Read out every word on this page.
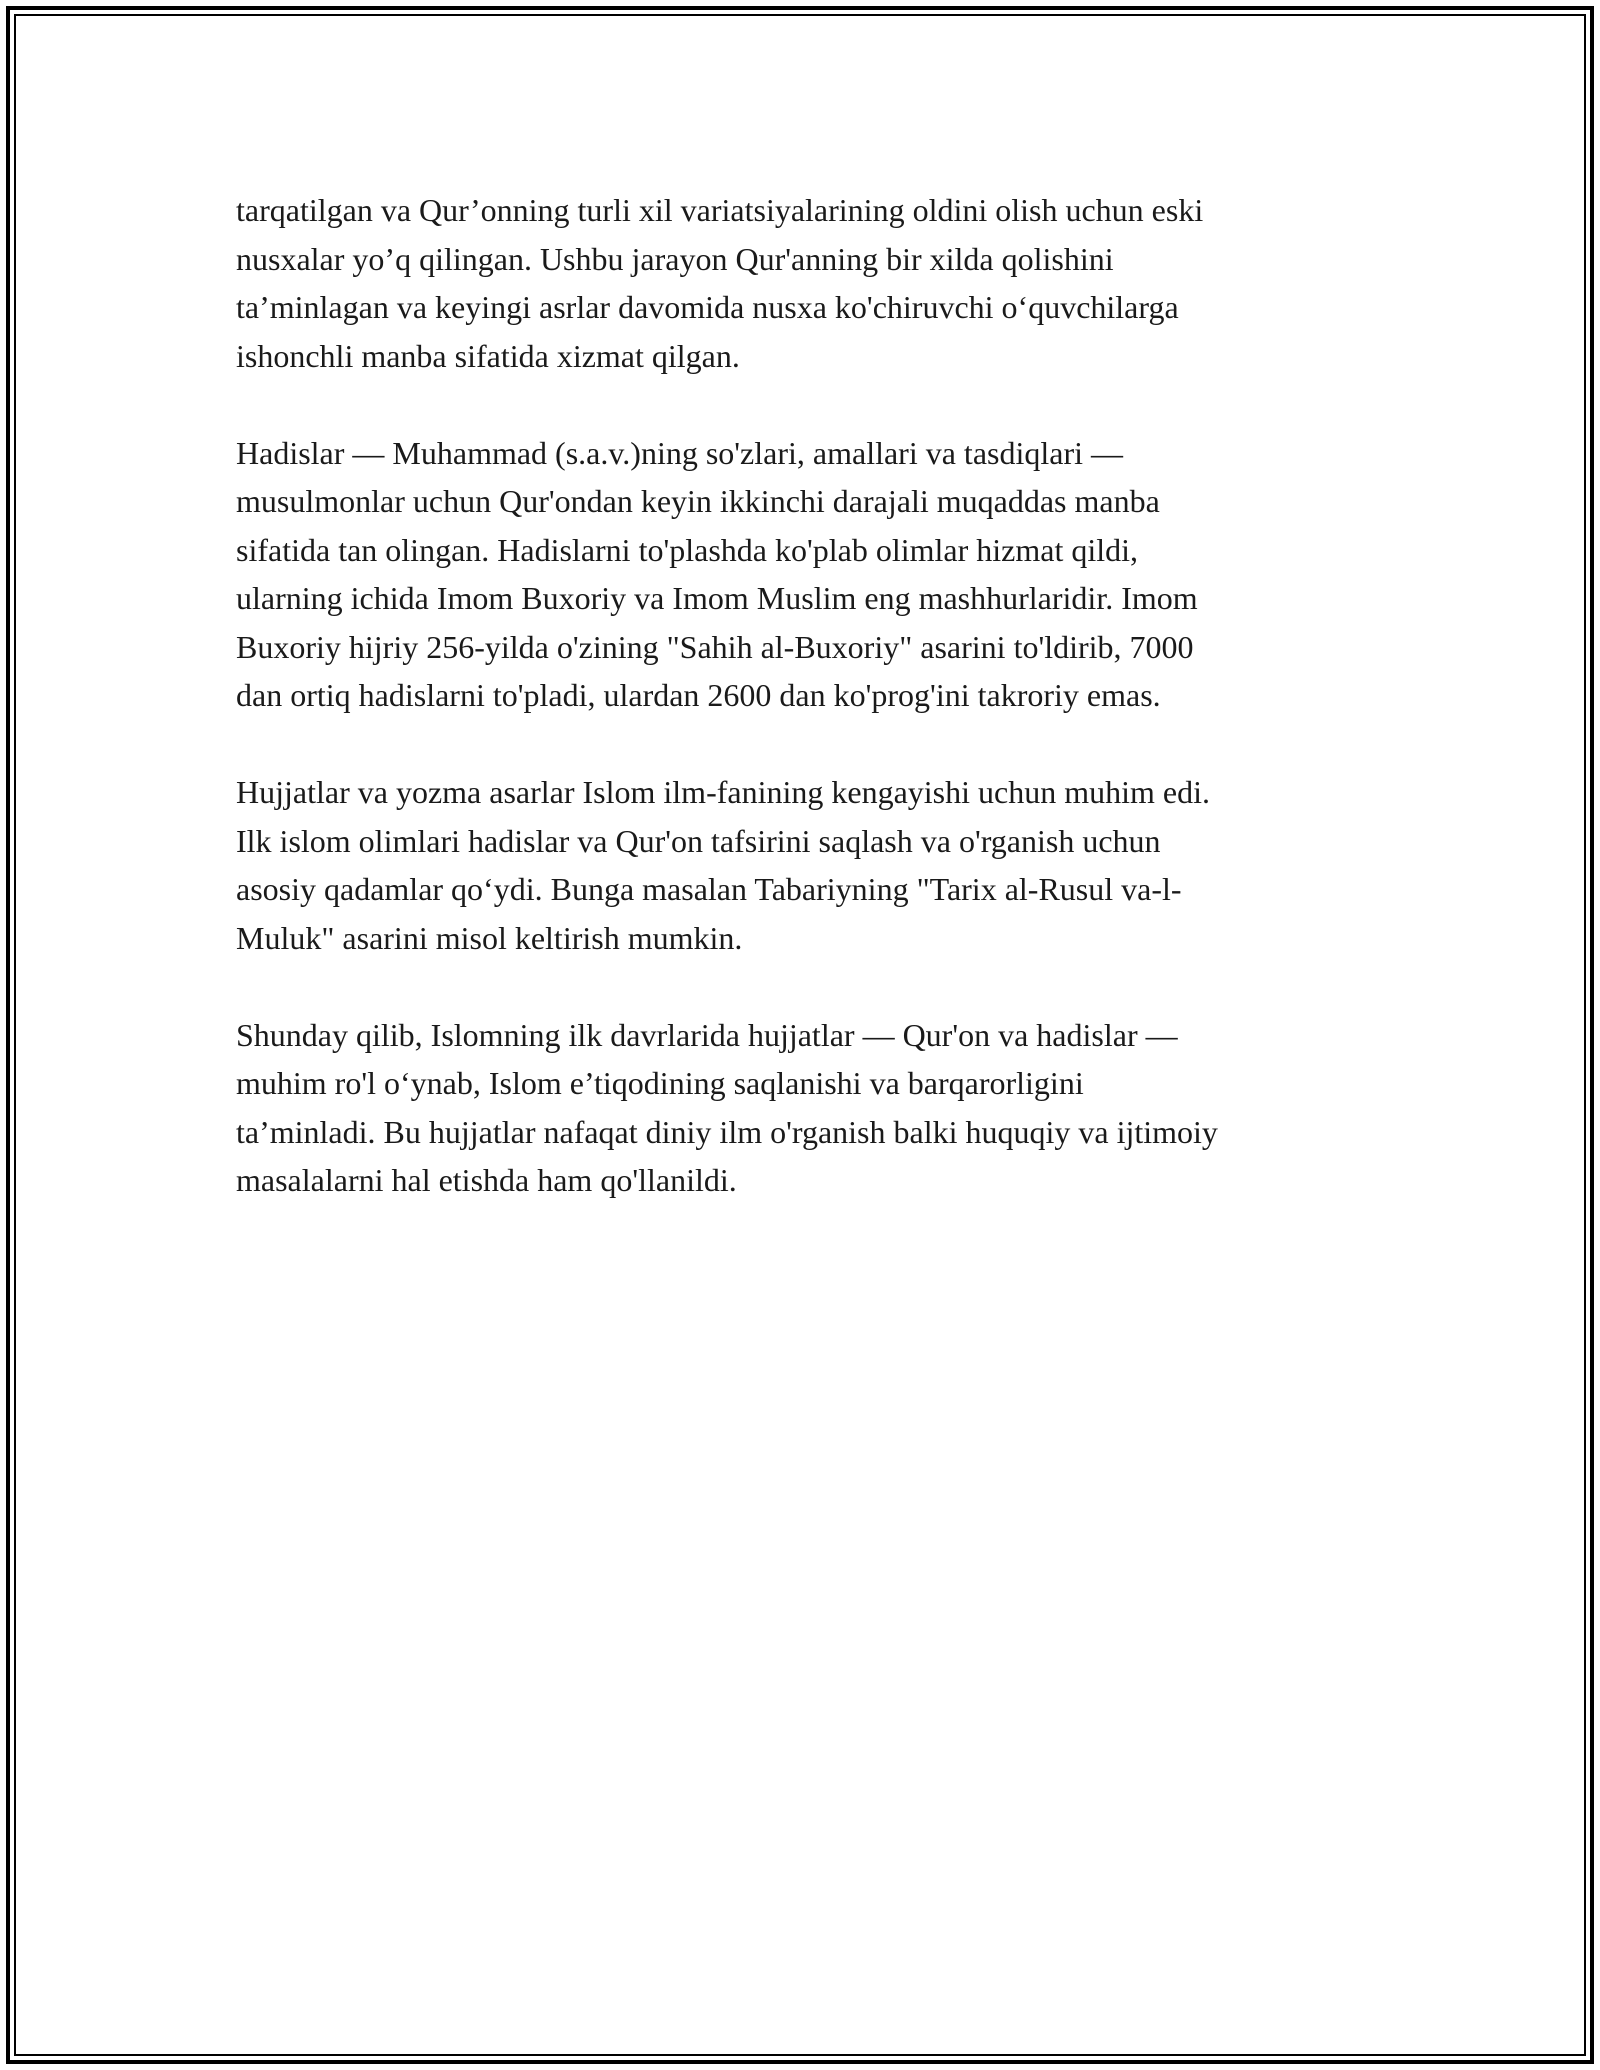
tarqatilgan va Qur’onning turli xil variatsiyalarining oldini olish uchun eski
nusxalar yo’q qilingan. Ushbu jarayon Qur'anning bir xilda qolishini
ta’minlagan va keyingi asrlar davomida nusxa ko'chiruvchi o‘quvchilarga
ishonchli manba sifatida xizmat qilgan.

Hadislar — Muhammad (s.a.v.)ning so'zlari, amallari va tasdiqlari —
musulmonlar uchun Qur'ondan keyin ikkinchi darajali muqaddas manba
sifatida tan olingan. Hadislarni to'plashda ko'plab olimlar hizmat qildi,
ularning ichida Imom Buxoriy va Imom Muslim eng mashhurlaridir. Imom
Buxoriy hijriy 256-yilda o'zining "Sahih al-Buxoriy" asarini to'ldirib, 7000
dan ortiq hadislarni to'pladi, ulardan 2600 dan ko'prog'ini takroriy emas.

Hujjatlar va yozma asarlar Islom ilm-fanining kengayishi uchun muhim edi.
Ilk islom olimlari hadislar va Qur'on tafsirini saqlash va o'rganish uchun
asosiy qadamlar qo‘ydi. Bunga masalan Tabariyning "Tarix al-Rusul va-l-
Muluk" asarini misol keltirish mumkin.

Shunday qilib, Islomning ilk davrlarida hujjatlar — Qur'on va hadislar —
muhim ro'l o‘ynab, Islom e’tiqodining saqlanishi va barqarorligini
ta’minladi. Bu hujjatlar nafaqat diniy ilm o'rganish balki huquqiy va ijtimoiy
masalalarni hal etishda ham qo'llanildi.
